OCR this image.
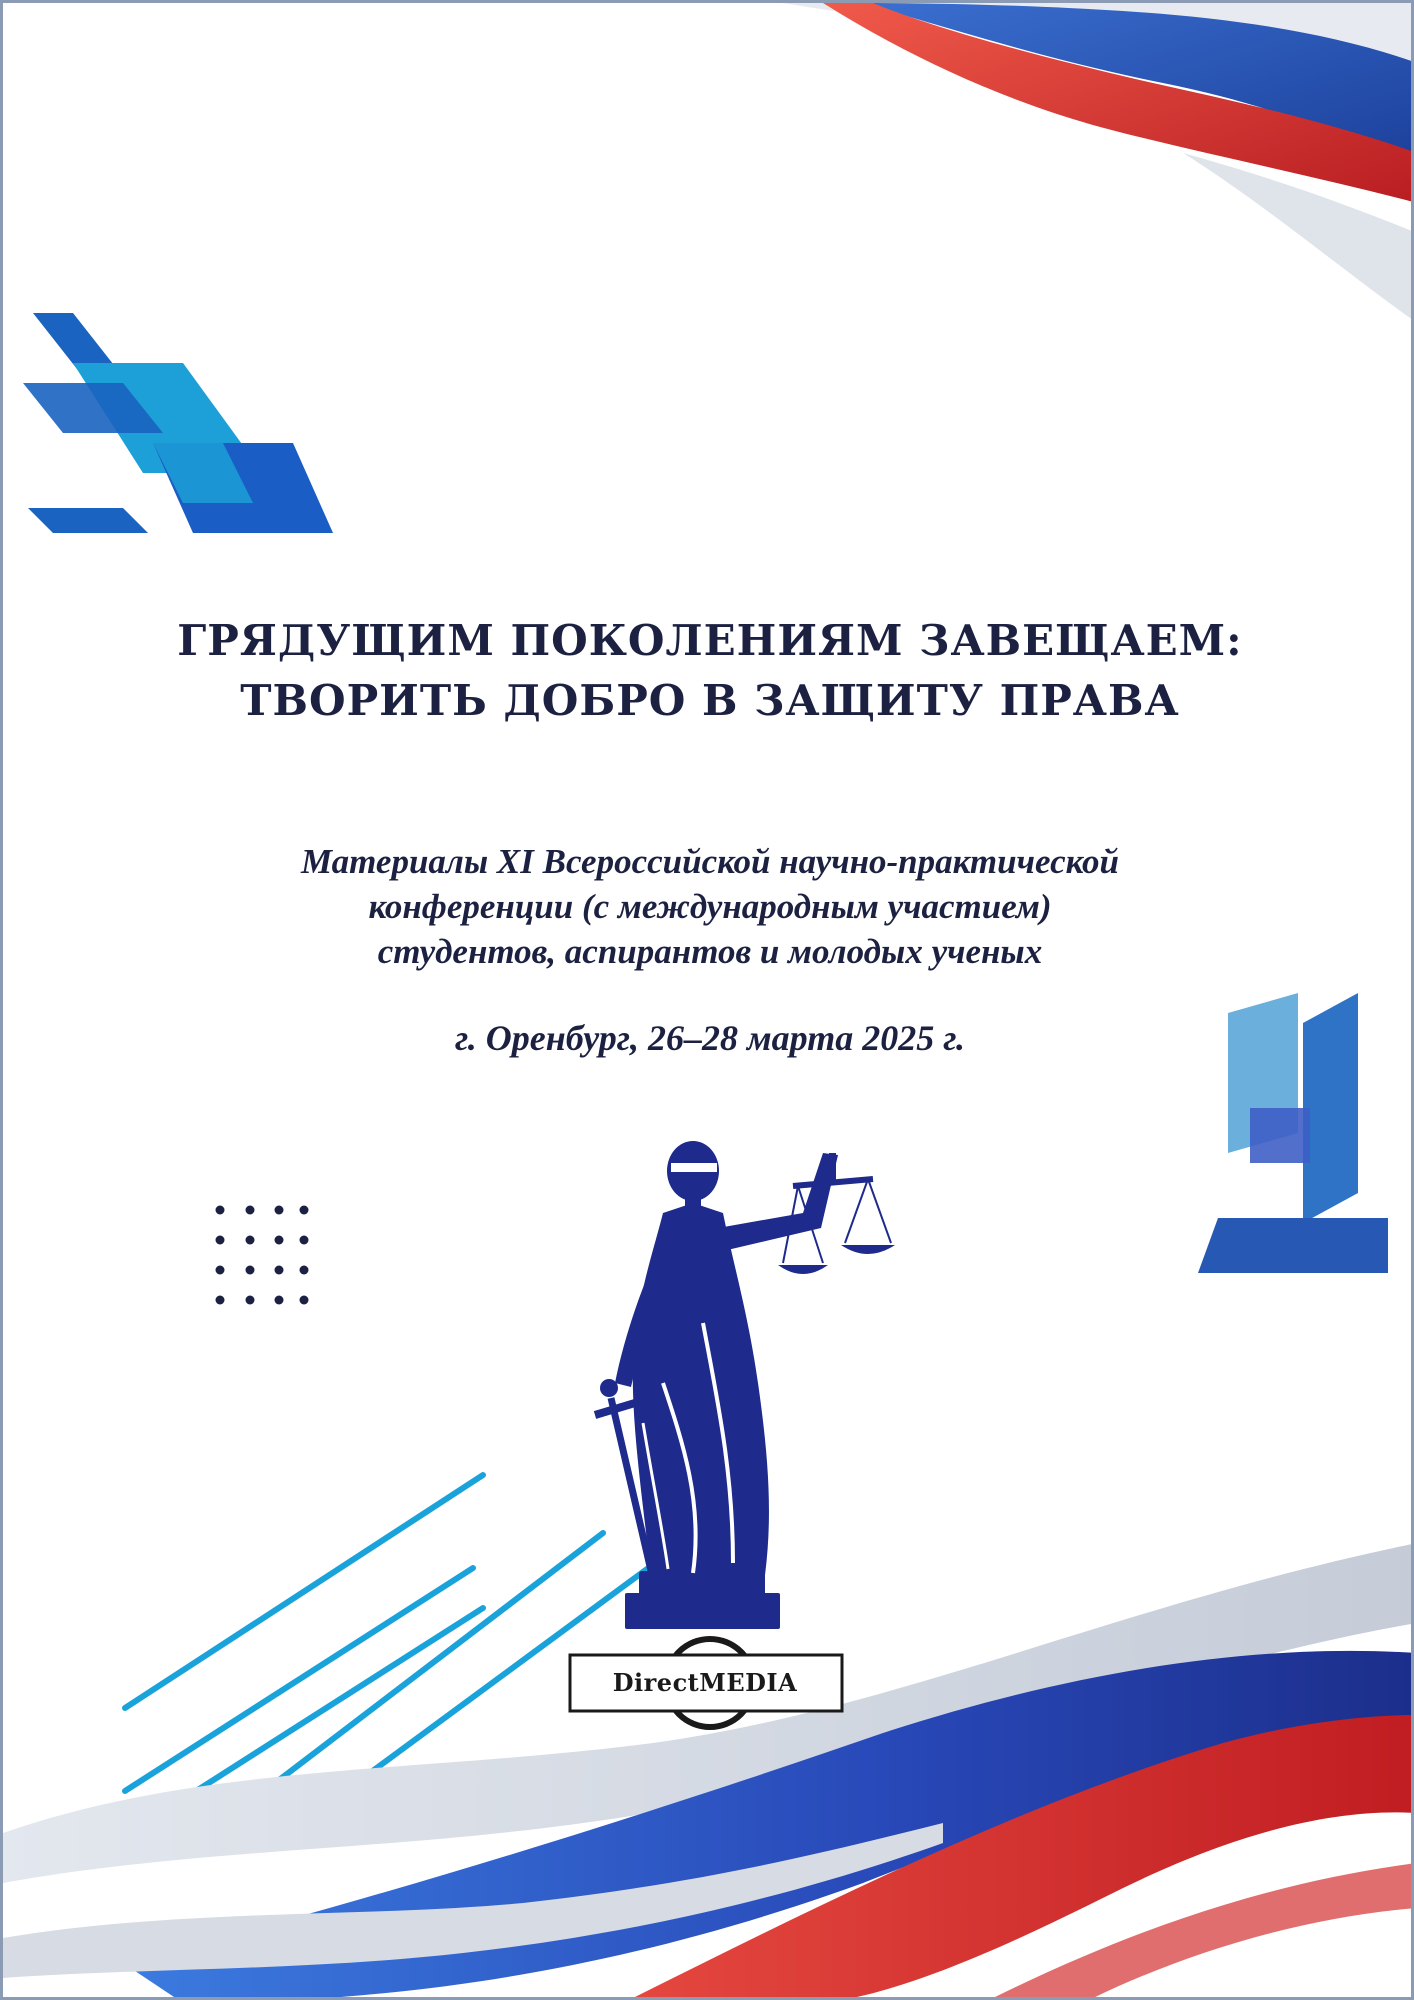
ГРЯДУЩИМ ПОКОЛЕНИЯМ ЗАВЕЩАЕМ:
ТВОРИТЬ ДОБРО В ЗАЩИТУ ПРАВА

Материалы XI Всероссийской научно-практической
конференции (с международным участием)
студентов, аспирантов и молодых ученых

г. Оренбург, 26–28 марта 2025 г.

DirectMEDIA
